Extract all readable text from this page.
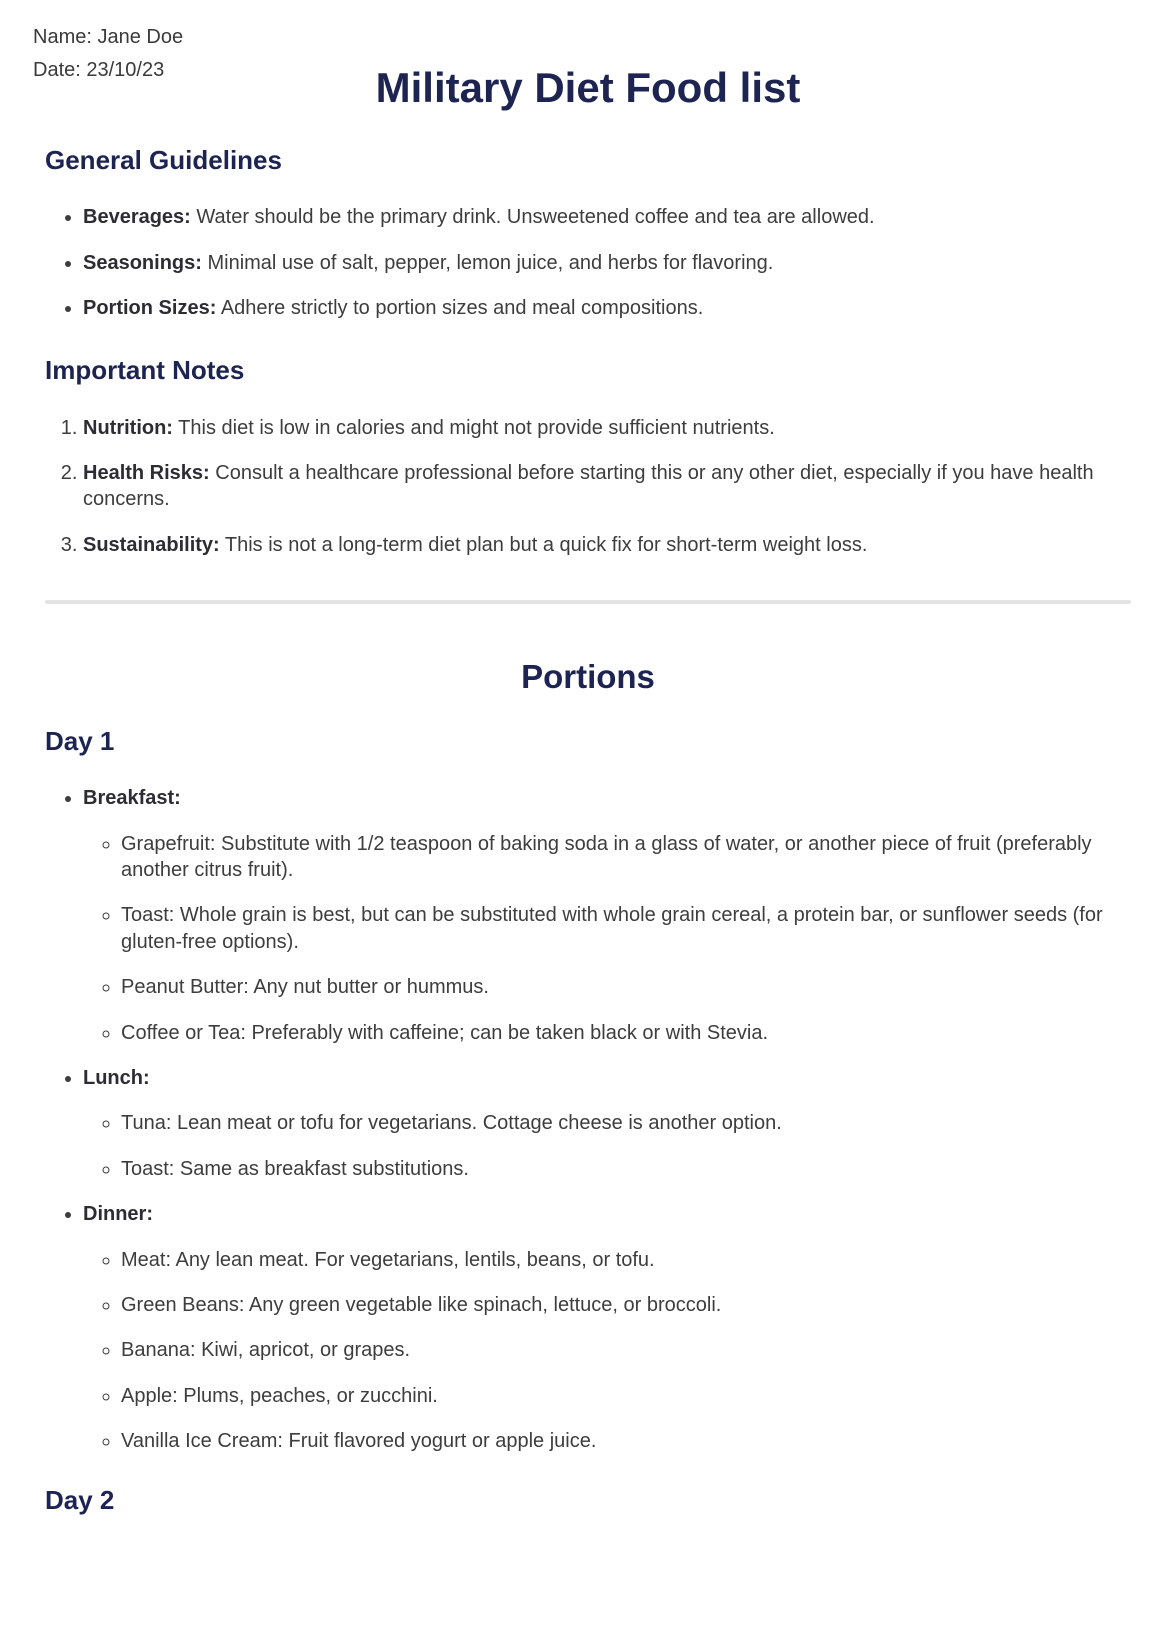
Name: Jane Doe
Date: 23/10/23	Military Diet Food list
General Guidelines
• Beverages: Water should be the primary drink. Unsweetened coffee and tea are allowed.
• Seasonings: Minimal use of salt, pepper, lemon juice, and herbs for flavoring.
• Portion Sizes: Adhere strictly to portion sizes and meal compositions.
Important Notes
1. Nutrition: This diet is low in calories and might not provide sufficient nutrients.
2. Health Risks: Consult a healthcare professional before starting this or any other diet, especially if you have health concerns.
3. Sustainability: This is not a long-term diet plan but a quick fix for short-term weight loss.
Portions
Day 1
• Breakfast:
◦ Grapefruit: Substitute with 1/2 teaspoon of baking soda in a glass of water, or another piece of fruit (preferably another citrus fruit).
◦ Toast: Whole grain is best, but can be substituted with whole grain cereal, a protein bar, or sunflower seeds (for gluten-free options).
◦ Peanut Butter: Any nut butter or hummus.
◦ Coffee or Tea: Preferably with caffeine; can be taken black or with Stevia.
• Lunch:
◦ Tuna: Lean meat or tofu for vegetarians. Cottage cheese is another option.
◦ Toast: Same as breakfast substitutions.
• Dinner:
◦ Meat: Any lean meat. For vegetarians, lentils, beans, or tofu.
◦ Green Beans: Any green vegetable like spinach, lettuce, or broccoli.
◦ Banana: Kiwi, apricot, or grapes.
◦ Apple: Plums, peaches, or zucchini.
◦ Vanilla Ice Cream: Fruit flavored yogurt or apple juice.
Day 2
